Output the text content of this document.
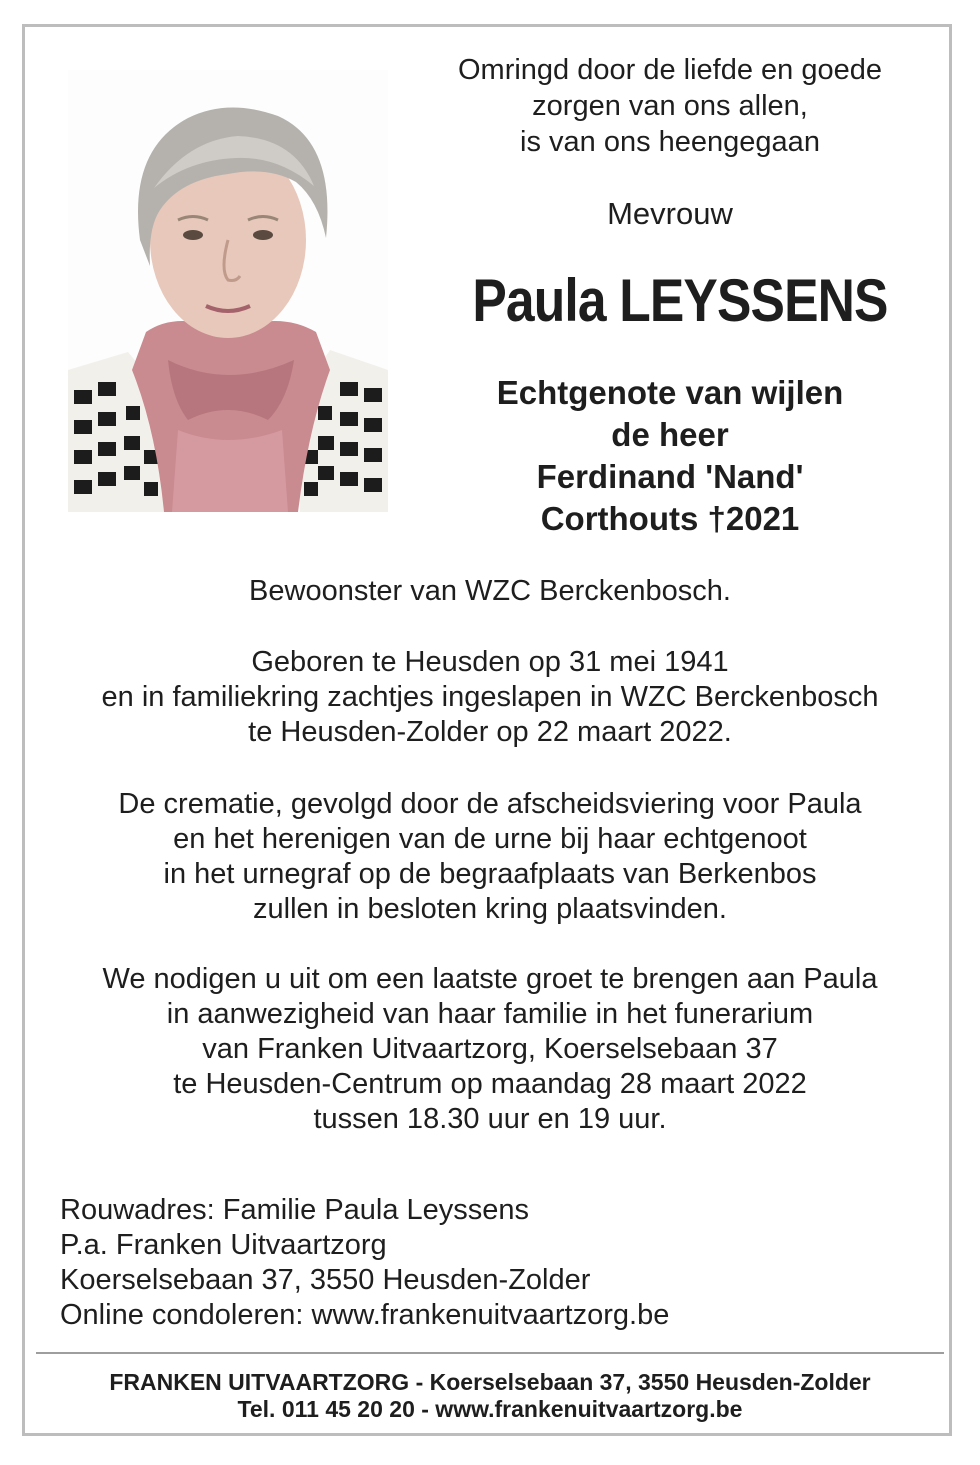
Omringd door de liefde en goede

zorgen van ons allen,

is van ons heengegaan

Mevrouw
Paula LEYSSENS

Echtgenote van wijlen

de heer

Ferdinand 'Nand'

Corthouts †2021

Bewoonster van WZC Berckenbosch.

Geboren te Heusden op 31 mei 1941

en in familiekring zachtjes ingeslapen in WZC Berckenbosch

te Heusden-Zolder op 22 maart 2022.

De crematie, gevolgd door de afscheidsviering voor Paula

en het herenigen van de urne bij haar echtgenoot

in het urnegraf op de begraafplaats van Berkenbos

zullen in besloten kring plaatsvinden.

We nodigen u uit om een laatste groet te brengen aan Paula

in aanwezigheid van haar familie in het funerarium

van Franken Uitvaartzorg, Koerselsebaan 37

te Heusden-Centrum op maandag 28 maart 2022

tussen 18.30 uur en 19 uur.

Rouwadres: Familie Paula Leyssens

P.a. Franken Uitvaartzorg

Koerselsebaan 37, 3550 Heusden-Zolder

Online condoleren: www.frankenuitvaartzorg.be

FRANKEN UITVAARTZORG - Koerselsebaan 37, 3550 Heusden-Zolder

Tel. 011 45 20 20 - www.frankenuitvaartzorg.be
